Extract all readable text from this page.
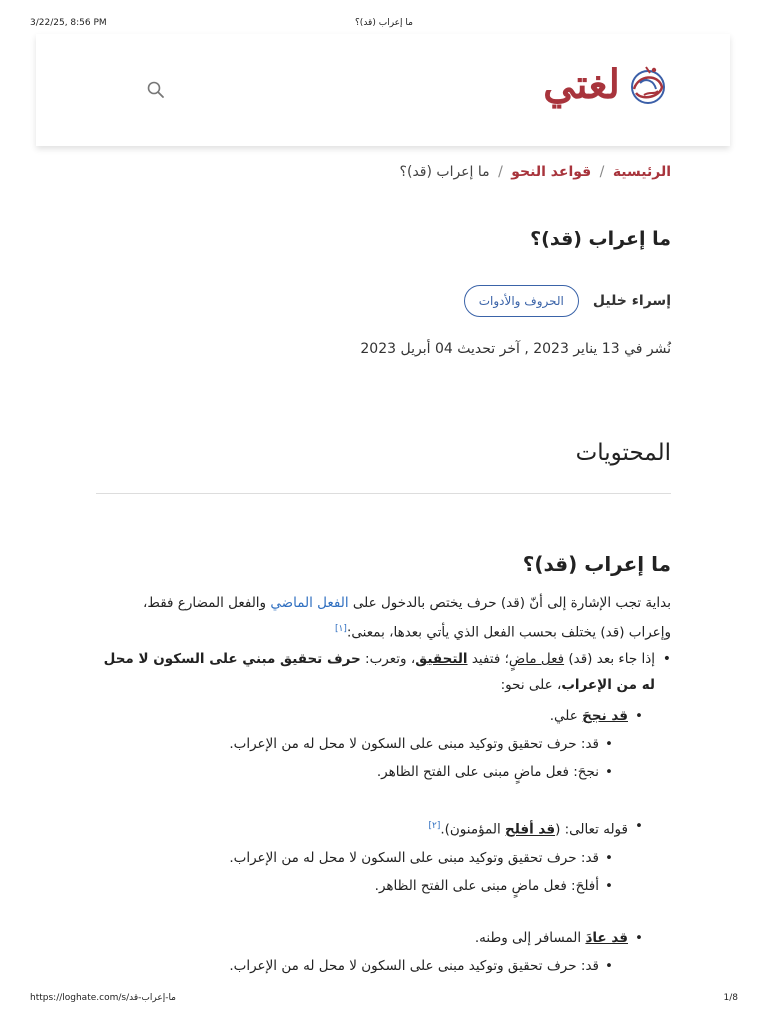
3/22/25, 8:56 PM	ما إعراب (قد)؟
لغتي
الرئيسية / قواعد النحو / ما إعراب (قد)؟
ما إعراب (قد)؟
إسراء خليل
الحروف والأدوات
نُشر في 13 يناير 2023 , آخر تحديث 04 أبريل 2023
المحتويات
ما إعراب (قد)؟
بداية تجب الإشارة إلى أنّ (قد) حرف يختص بالدخول على الفعل الماضي والفعل المضارع فقط،
وإعراب (قد) يختلف بحسب الفعل الذي يأتي بعدها، بمعنى:[١]
• إذا جاء بعد (قد) فعل ماضٍ؛ فتفيد التحقيق، وتعرب: حرف تحقيق مبني على السكون لا محل له من الإعراب، على نحو:
• قد نجحَ علي.
• قد: حرف تحقيق وتوكيد مبنى على السكون لا محل له من الإعراب.
• نجحَ: فعل ماضٍ مبنى على الفتح الظاهر.
• قوله تعالى: (قد أفلح المؤمنون).[٢]
• قد: حرف تحقيق وتوكيد مبنى على السكون لا محل له من الإعراب.
• أفلحَ: فعل ماضٍ مبنى على الفتح الظاهر.
• قد عادَ المسافر إلى وطنه.
• قد: حرف تحقيق وتوكيد مبنى على السكون لا محل له من الإعراب.
https://loghate.com/s/ما-إعراب-قد	1/8
